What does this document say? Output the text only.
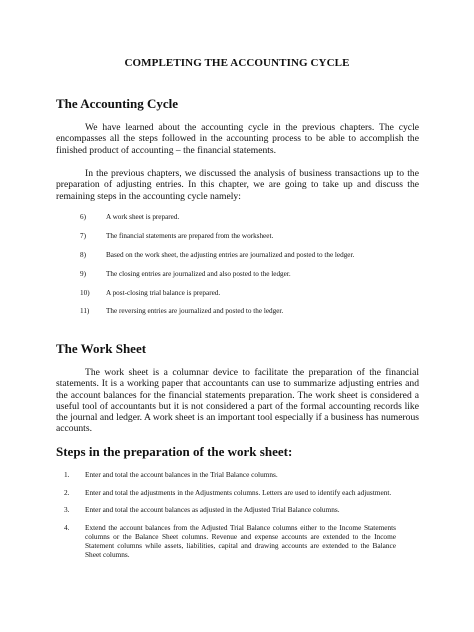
COMPLETING THE ACCOUNTING CYCLE
The Accounting Cycle
We have learned about the accounting cycle in the previous chapters. The cycle encompasses all the steps followed in the accounting process to be able to accomplish the finished product of accounting – the financial statements.
In the previous chapters, we discussed the analysis of business transactions up to the preparation of adjusting entries. In this chapter, we are going to take up and discuss the remaining steps in the accounting cycle namely:
6)	A work sheet is prepared.
7)	The financial statements are prepared from the worksheet.
8)	Based on the work sheet, the adjusting entries are journalized and posted to the ledger.
9)	The closing entries are journalized and also posted to the ledger.
10)	A post-closing trial balance is prepared.
11)	The reversing entries are journalized and posted to the ledger.
The Work Sheet
The work sheet is a columnar device to facilitate the preparation of the financial statements. It is a working paper that accountants can use to summarize adjusting entries and the account balances for the financial statements preparation. The work sheet is considered a useful tool of accountants but it is not considered a part of the formal accounting records like the journal and ledger. A work sheet is an important tool especially if a business has numerous accounts.
Steps in the preparation of the work sheet:
1.	Enter and total the account balances in the Trial Balance columns.
2.	Enter and total the adjustments in the Adjustments columns. Letters are used to identify each adjustment.
3.	Enter and total the account balances as adjusted in the Adjusted Trial Balance columns.
4.	Extend the account balances from the Adjusted Trial Balance columns either to the Income Statements columns or the Balance Sheet columns. Revenue and expense accounts are extended to the Income Statement columns while assets, liabilities, capital and drawing accounts are extended to the Balance Sheet columns.
